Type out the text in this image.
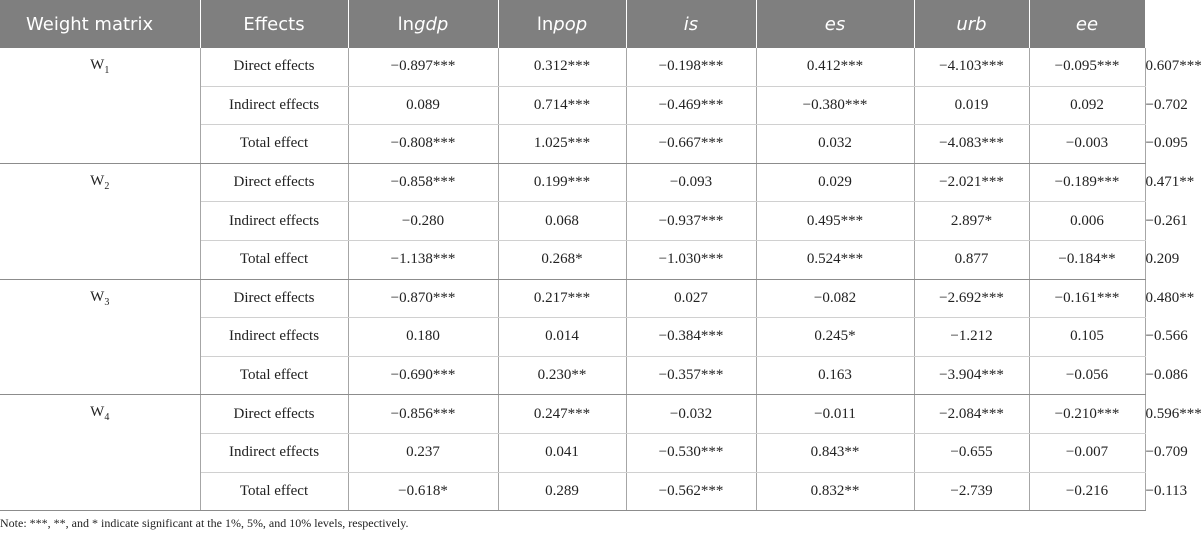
Weight matrix	Effects	lngdp	lnpop	is	es	urb	ee	bula
$W_1$	Direct effects	−0.897***	0.312***	−0.198***	0.412***	−4.103***	−0.095***	0.607***
	Indirect effects	0.089	0.714***	−0.469***	−0.380***	0.019	0.092	−0.702
	Total effect	−0.808***	1.025***	−0.667***	0.032	−4.083***	−0.003	−0.095
$W_2$	Direct effects	−0.858***	0.199***	−0.093	0.029	−2.021***	−0.189***	0.471**
	Indirect effects	−0.280	0.068	−0.937***	0.495***	2.897*	0.006	−0.261
	Total effect	−1.138***	0.268*	−1.030***	0.524***	0.877	−0.184**	0.209
$W_3$	Direct effects	−0.870***	0.217***	0.027	−0.082	−2.692***	−0.161***	0.480**
	Indirect effects	0.180	0.014	−0.384***	0.245*	−1.212	0.105	−0.566
	Total effect	−0.690***	0.230**	−0.357***	0.163	−3.904***	−0.056	−0.086
$W_4$	Direct effects	−0.856***	0.247***	−0.032	−0.011	−2.084***	−0.210***	0.596***
	Indirect effects	0.237	0.041	−0.530***	0.843**	−0.655	−0.007	−0.709
	Total effect	−0.618*	0.289	−0.562***	0.832**	−2.739	−0.216	−0.113
Note: ***, **, and * indicate significant at the 1%, 5%, and 10% levels, respectively.
